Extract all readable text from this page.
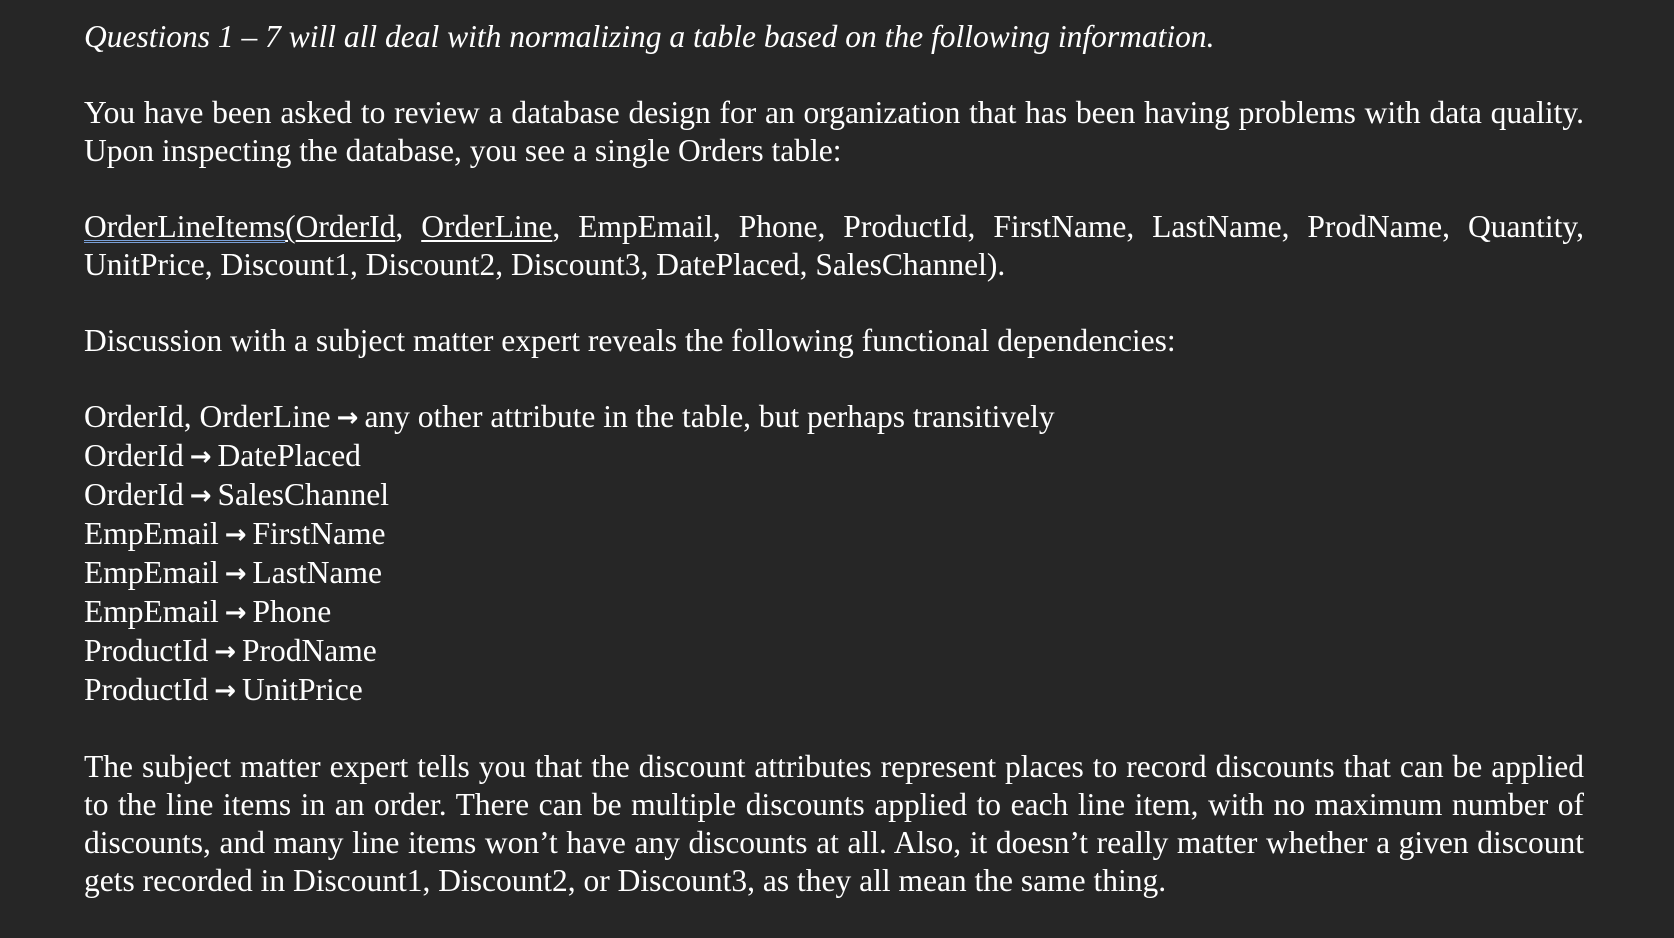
Questions 1 – 7 will all deal with normalizing a table based on the following information.

You have been asked to review a database design for an organization that has been having problems with data quality. Upon inspecting the database, you see a single Orders table:

OrderLineItems(OrderId, OrderLine, EmpEmail, Phone, ProductId, FirstName, LastName, ProdName, Quantity, UnitPrice, Discount1, Discount2, Discount3, DatePlaced, SalesChannel).

Discussion with a subject matter expert reveals the following functional dependencies:

OrderId, OrderLine → any other attribute in the table, but perhaps transitively
OrderId → DatePlaced
OrderId → SalesChannel
EmpEmail → FirstName
EmpEmail → LastName
EmpEmail → Phone
ProductId → ProdName
ProductId → UnitPrice

The subject matter expert tells you that the discount attributes represent places to record discounts that can be applied to the line items in an order. There can be multiple discounts applied to each line item, with no maximum number of discounts, and many line items won’t have any discounts at all. Also, it doesn’t really matter whether a given discount gets recorded in Discount1, Discount2, or Discount3, as they all mean the same thing.
